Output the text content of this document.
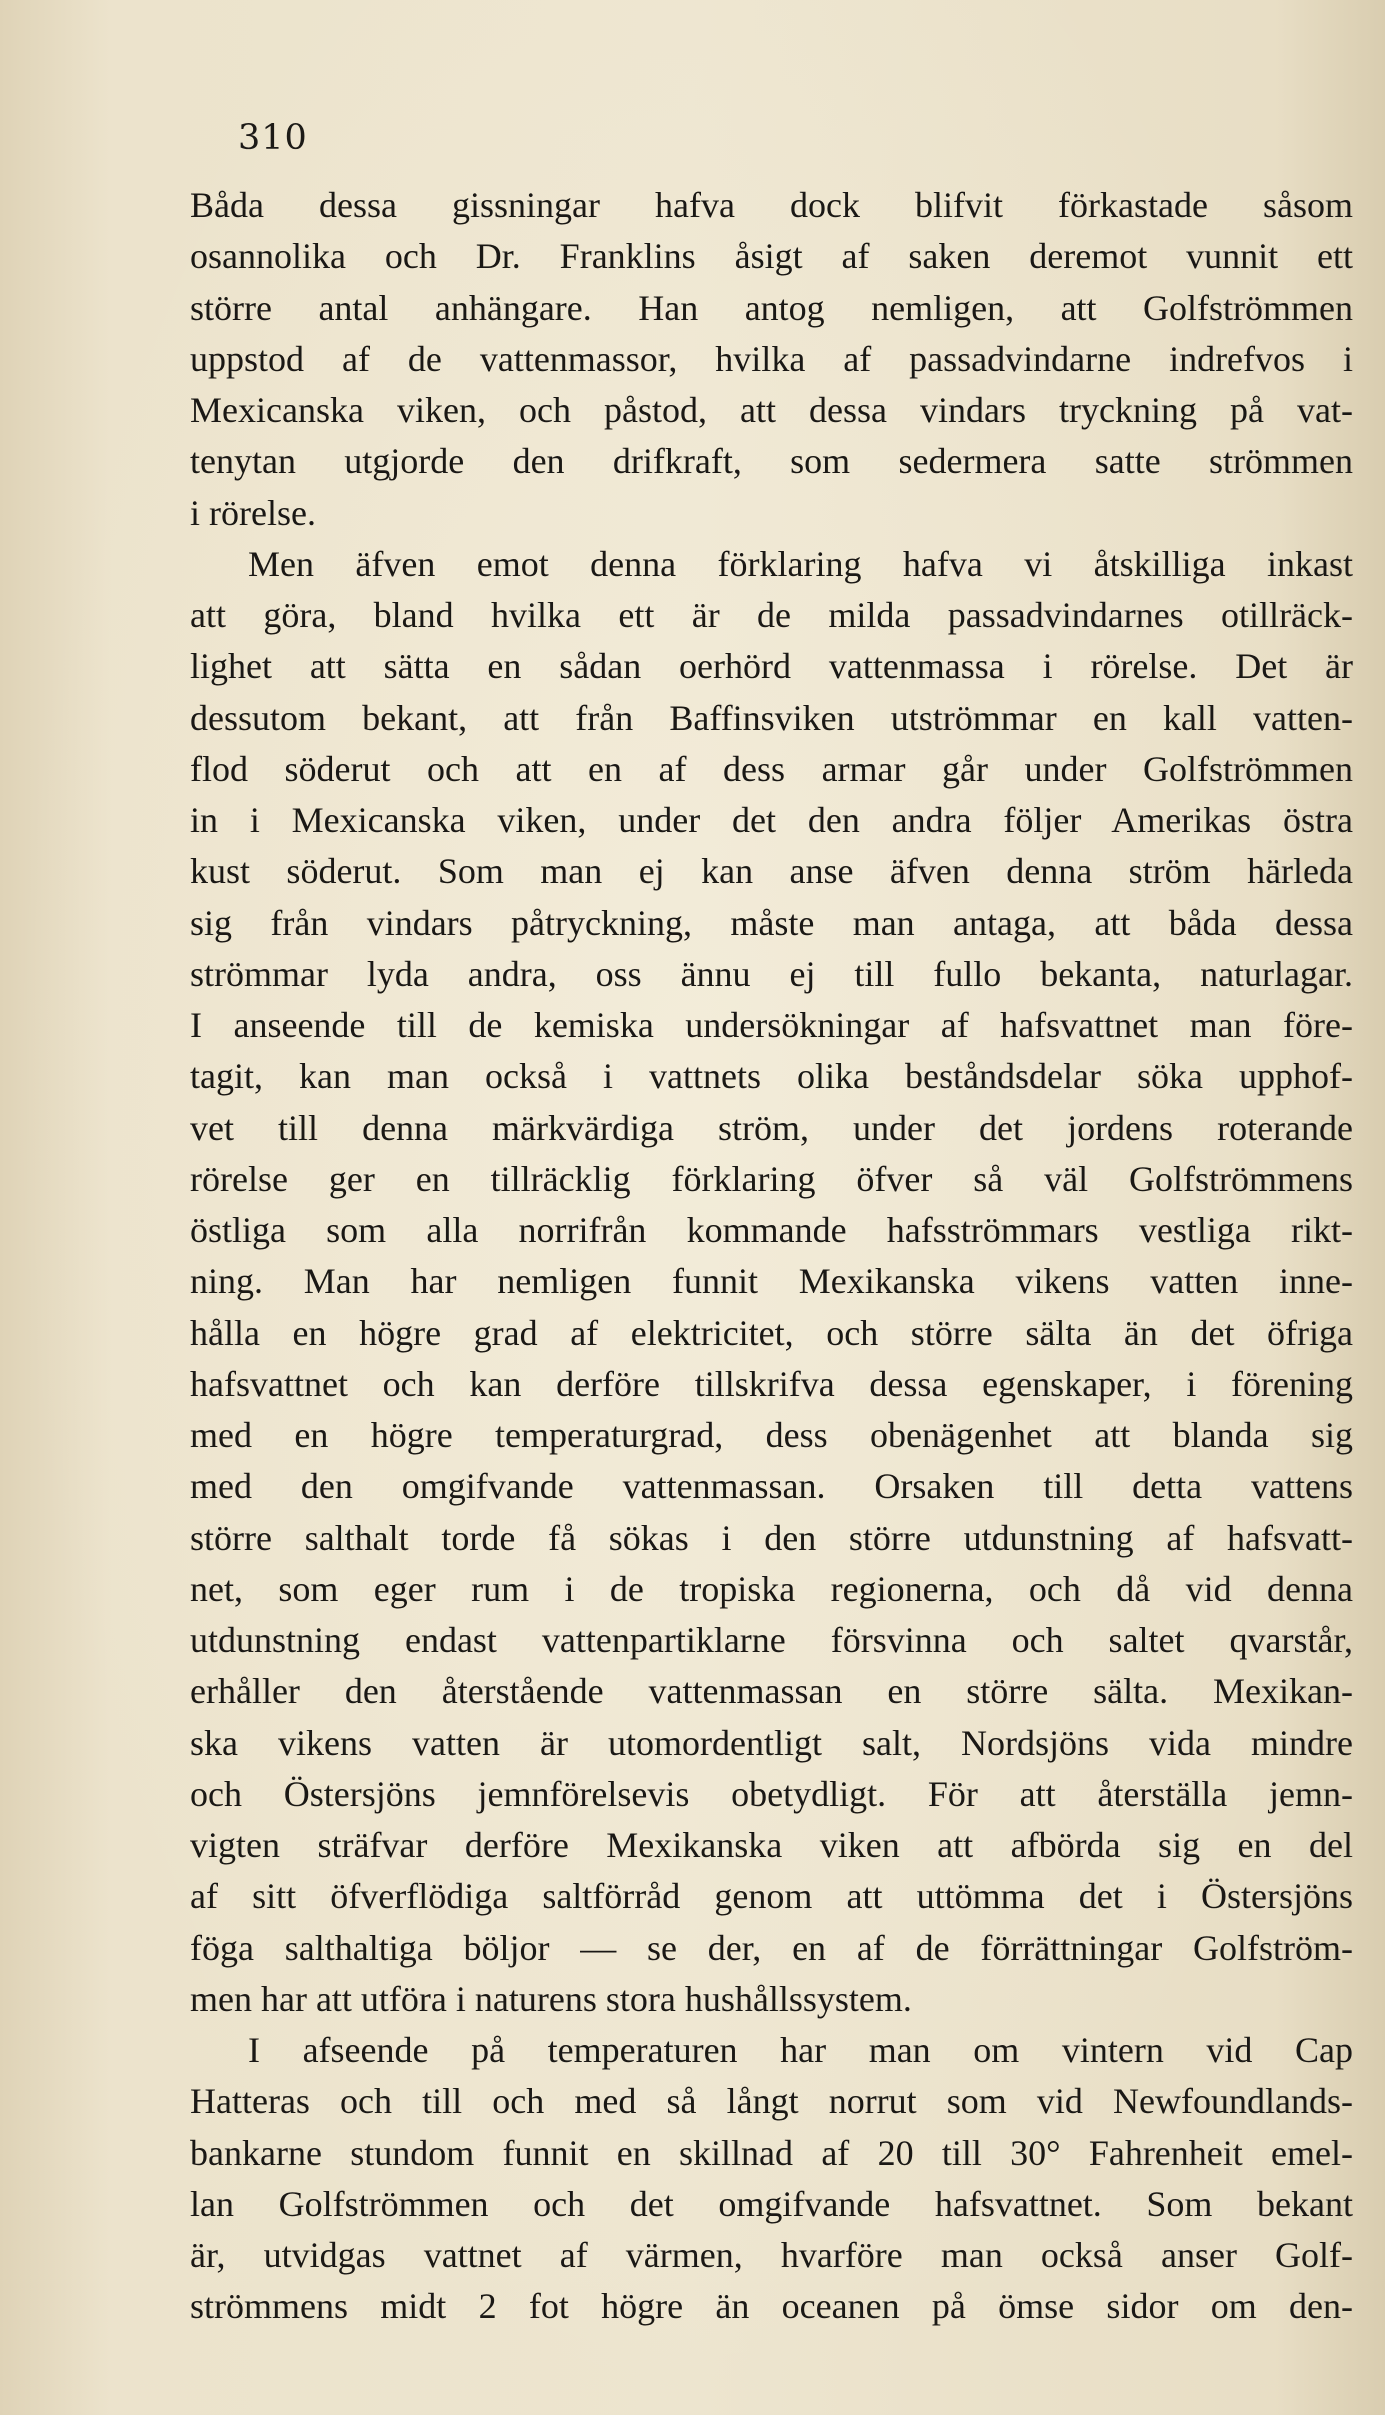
310
Båda dessa gissningar hafva dock blifvit förkastade såsom
osannolika och Dr. Franklins åsigt af saken deremot vunnit ett
större antal anhängare. Han antog nemligen, att Golfströmmen
uppstod af de vattenmassor, hvilka af passadvindarne indrefvos i
Mexicanska viken, och påstod, att dessa vindars tryckning på vat-
tenytan utgjorde den drifkraft, som sedermera satte strömmen
i rörelse.
Men äfven emot denna förklaring hafva vi åtskilliga inkast
att göra, bland hvilka ett är de milda passadvindarnes otillräck-
lighet att sätta en sådan oerhörd vattenmassa i rörelse. Det är
dessutom bekant, att från Baffinsviken utströmmar en kall vatten-
flod söderut och att en af dess armar går under Golfströmmen
in i Mexicanska viken, under det den andra följer Amerikas östra
kust söderut. Som man ej kan anse äfven denna ström härleda
sig från vindars påtryckning, måste man antaga, att båda dessa
strömmar lyda andra, oss ännu ej till fullo bekanta, naturlagar.
I anseende till de kemiska undersökningar af hafsvattnet man före-
tagit, kan man också i vattnets olika beståndsdelar söka upphof-
vet till denna märkvärdiga ström, under det jordens roterande
rörelse ger en tillräcklig förklaring öfver så väl Golfströmmens
östliga som alla norrifrån kommande hafsströmmars vestliga rikt-
ning. Man har nemligen funnit Mexikanska vikens vatten inne-
hålla en högre grad af elektricitet, och större sälta än det öfriga
hafsvattnet och kan derföre tillskrifva dessa egenskaper, i förening
med en högre temperaturgrad, dess obenägenhet att blanda sig
med den omgifvande vattenmassan. Orsaken till detta vattens
större salthalt torde få sökas i den större utdunstning af hafsvatt-
net, som eger rum i de tropiska regionerna, och då vid denna
utdunstning endast vattenpartiklarne försvinna och saltet qvarstår,
erhåller den återstående vattenmassan en större sälta. Mexikan-
ska vikens vatten är utomordentligt salt, Nordsjöns vida mindre
och Östersjöns jemnförelsevis obetydligt. För att återställa jemn-
vigten sträfvar derföre Mexikanska viken att afbörda sig en del
af sitt öfverflödiga saltförråd genom att uttömma det i Östersjöns
föga salthaltiga böljor — se der, en af de förrättningar Golfström-
men har att utföra i naturens stora hushållssystem.
I afseende på temperaturen har man om vintern vid Cap
Hatteras och till och med så långt norrut som vid Newfoundlands-
bankarne stundom funnit en skillnad af 20 till 30° Fahrenheit emel-
lan Golfströmmen och det omgifvande hafsvattnet. Som bekant
är, utvidgas vattnet af värmen, hvarföre man också anser Golf-
strömmens midt 2 fot högre än oceanen på ömse sidor om den-
